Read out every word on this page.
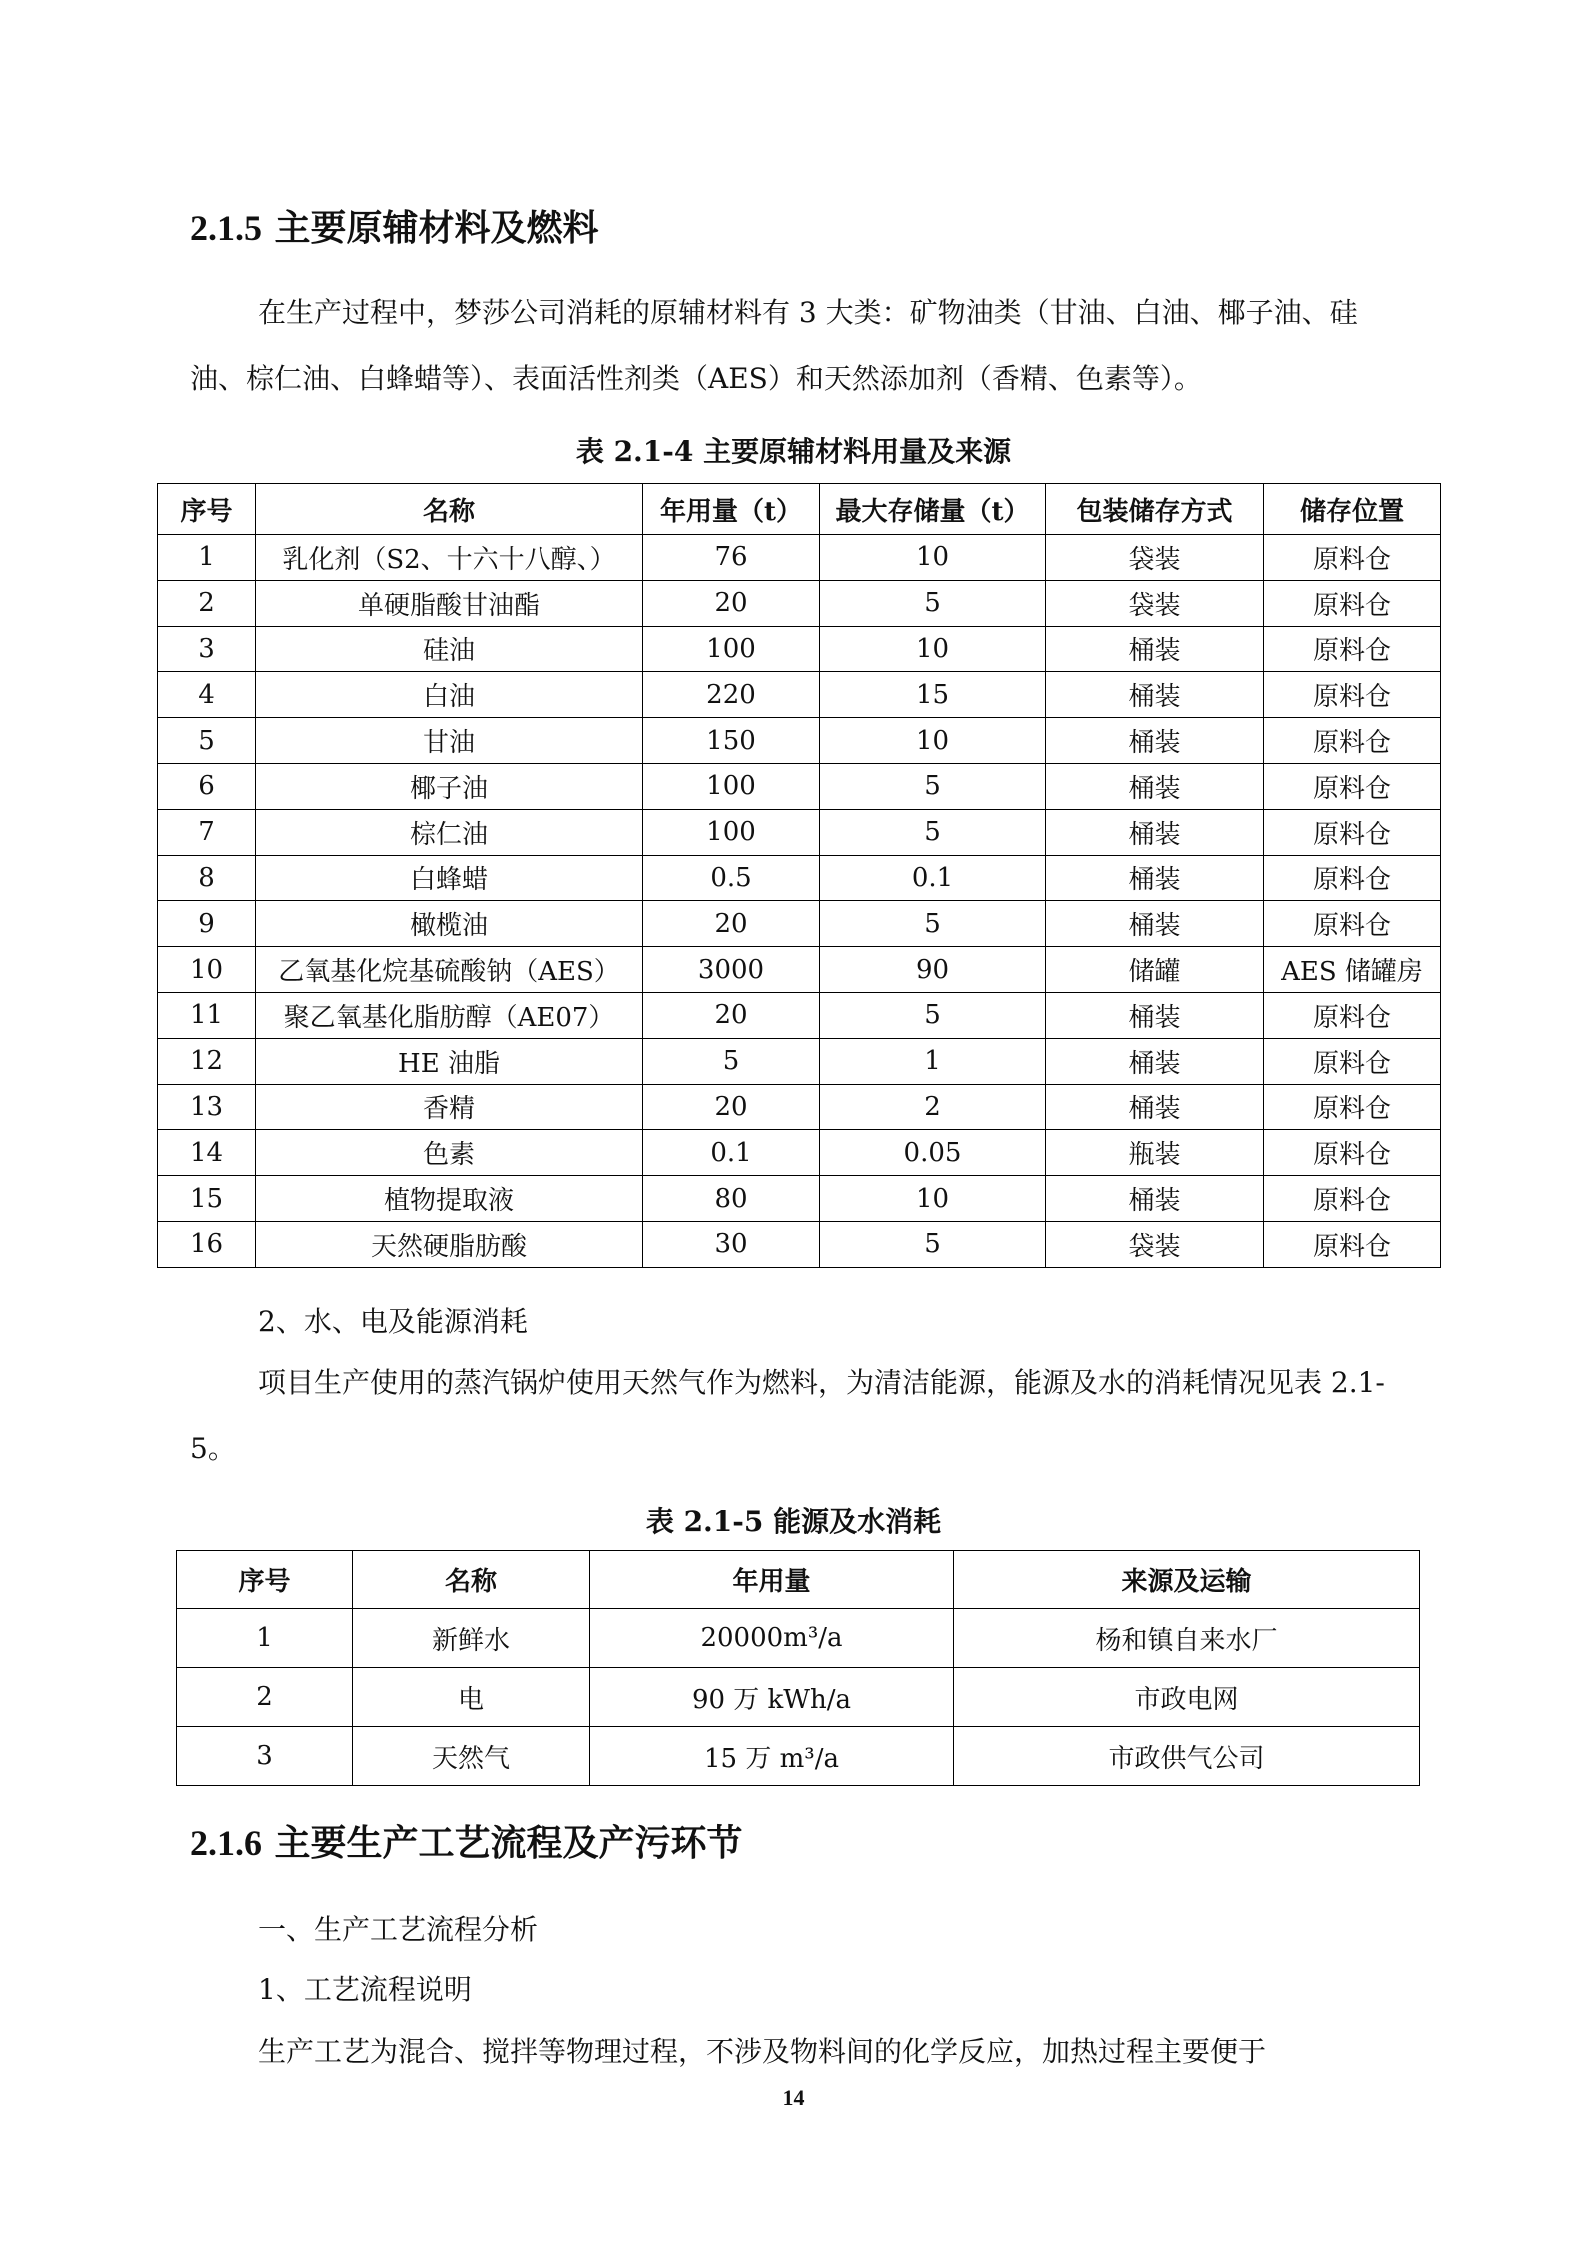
2.1.5 主要原辅材料及燃料
在生产过程中，梦莎公司消耗的原辅材料有 3 大类：矿物油类（甘油、白油、椰子油、硅油、棕仁油、白蜂蜡等）、表面活性剂类（AES）和天然添加剂（香精、色素等）。
表 2.1-4 主要原辅材料用量及来源
序号	名称	年用量（t）	最大存储量（t）	包装储存方式	储存位置
1	乳化剂（S2、十六十八醇、）	76	10	袋装	原料仓
2	单硬脂酸甘油酯	20	5	袋装	原料仓
3	硅油	100	10	桶装	原料仓
4	白油	220	15	桶装	原料仓
5	甘油	150	10	桶装	原料仓
6	椰子油	100	5	桶装	原料仓
7	棕仁油	100	5	桶装	原料仓
8	白蜂蜡	0.5	0.1	桶装	原料仓
9	橄榄油	20	5	桶装	原料仓
10	乙氧基化烷基硫酸钠（AES）	3000	90	储罐	AES 储罐房
11	聚乙氧基化脂肪醇（AE07）	20	5	桶装	原料仓
12	HE 油脂	5	1	桶装	原料仓
13	香精	20	2	桶装	原料仓
14	色素	0.1	0.05	瓶装	原料仓
15	植物提取液	80	10	桶装	原料仓
16	天然硬脂肪酸	30	5	袋装	原料仓
2、水、电及能源消耗
项目生产使用的蒸汽锅炉使用天然气作为燃料，为清洁能源，能源及水的消耗情况见表 2.1-5。
表 2.1-5 能源及水消耗
序号	名称	年用量	来源及运输
1	新鲜水	20000m³/a	杨和镇自来水厂
2	电	90 万 kWh/a	市政电网
3	天然气	15 万 m³/a	市政供气公司
2.1.6 主要生产工艺流程及产污环节
一、生产工艺流程分析
1、工艺流程说明
生产工艺为混合、搅拌等物理过程，不涉及物料间的化学反应，加热过程主要便于
14
